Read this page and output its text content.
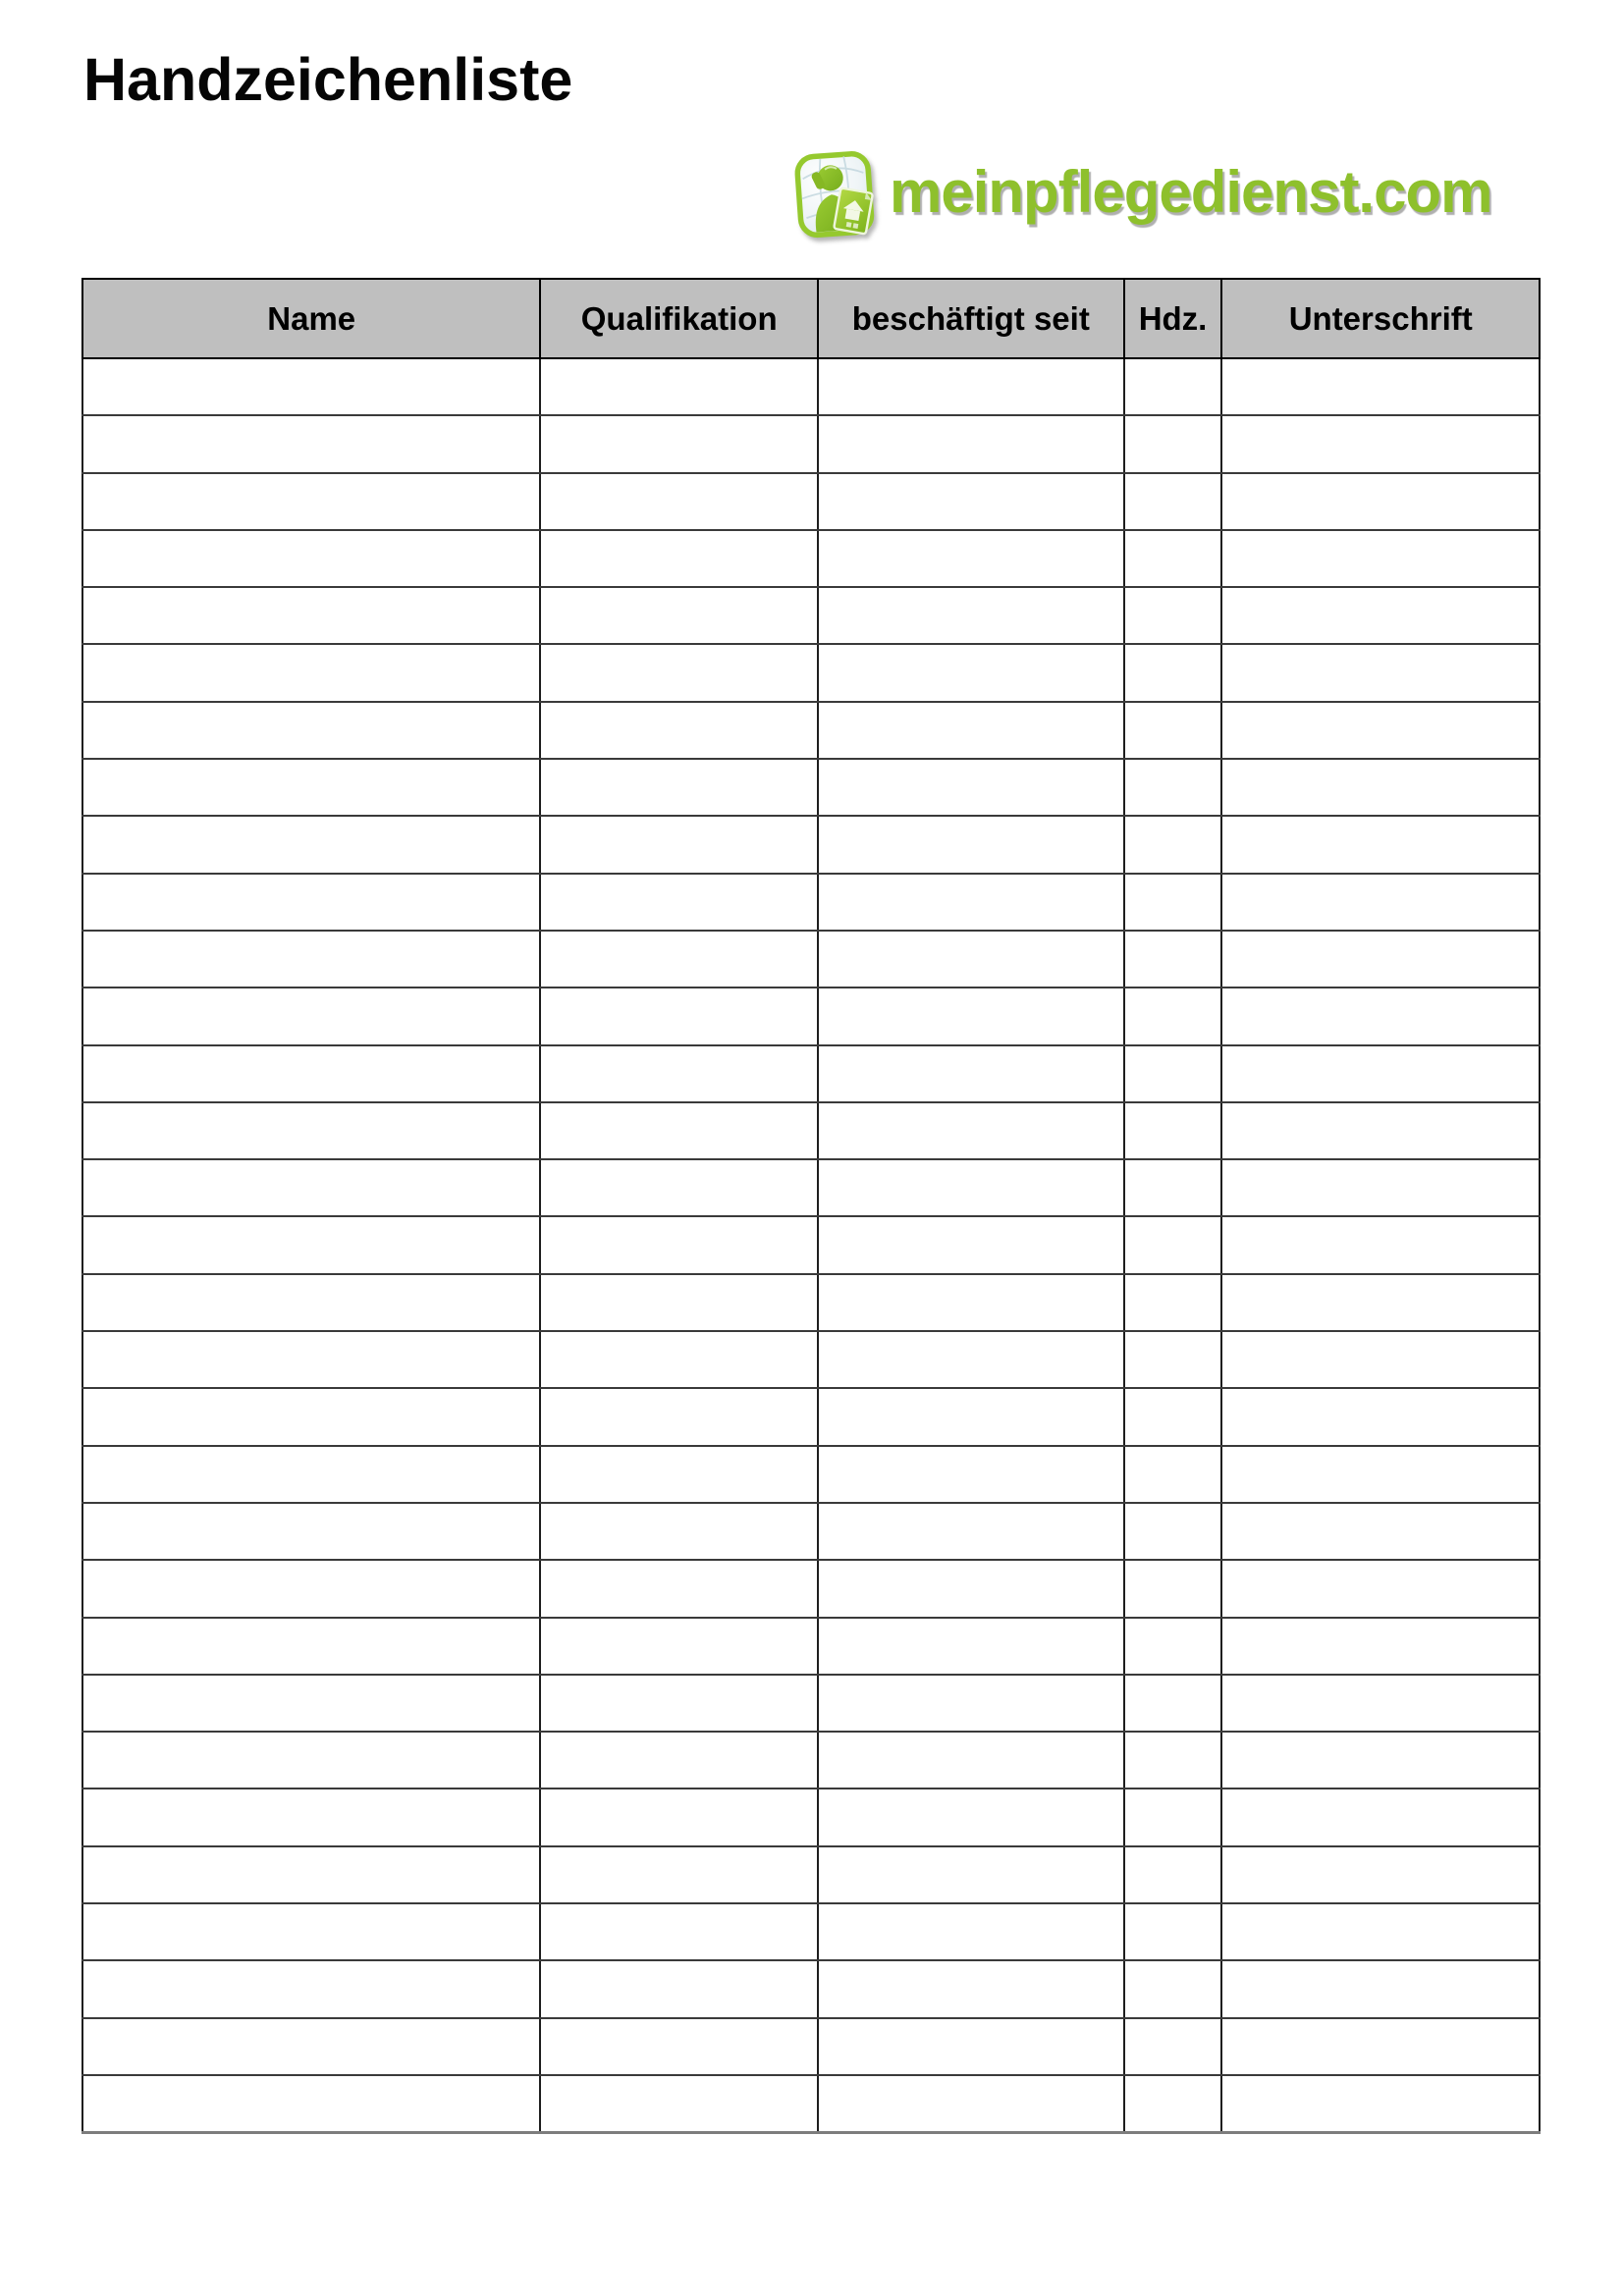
Handzeichenliste
meinpflegedienst.com
Name	Qualifikation	beschäftigt seit	Hdz.	Unterschrift
